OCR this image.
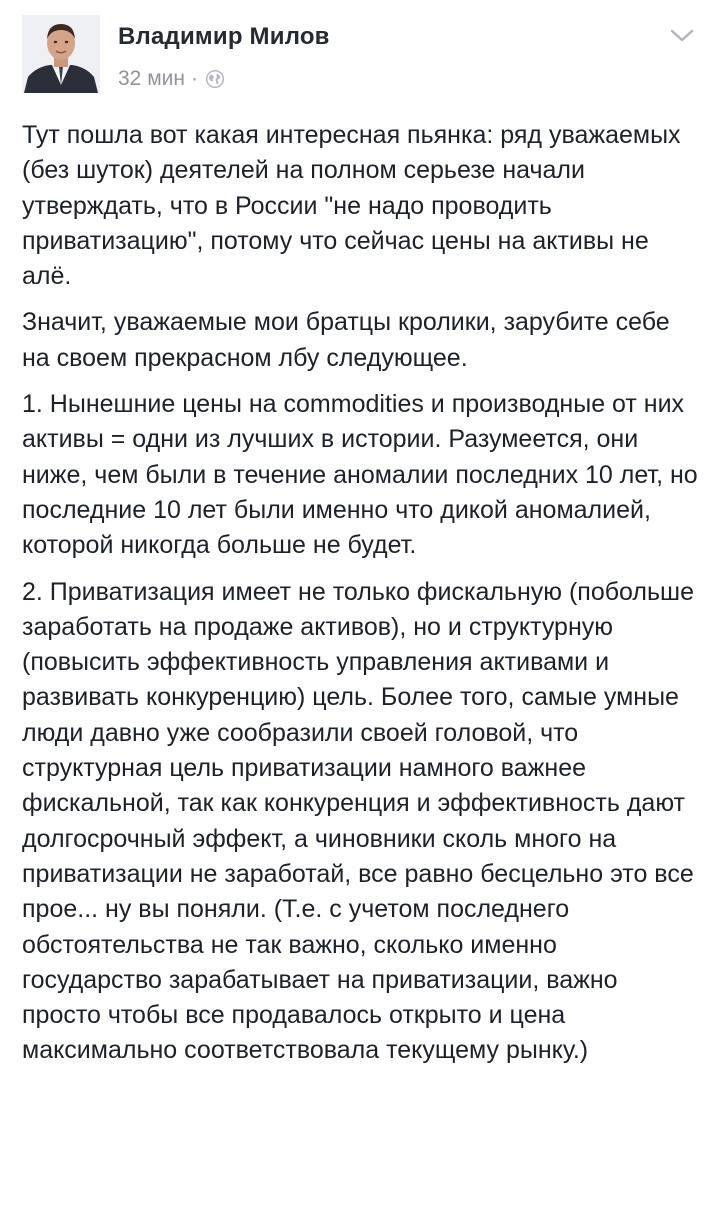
Владимир Милов
32 мин ·

Тут пошла вот какая интересная пьянка: ряд уважаемых (без шуток) деятелей на полном серьезе начали утверждать, что в России "не надо проводить приватизацию", потому что сейчас цены на активы не алё.

Значит, уважаемые мои братцы кролики, зарубите себе на своем прекрасном лбу следующее.

1. Нынешние цены на commodities и производные от них активы = одни из лучших в истории. Разумеется, они ниже, чем были в течение аномалии последних 10 лет, но последние 10 лет были именно что дикой аномалией, которой никогда больше не будет.

2. Приватизация имеет не только фискальную (побольше заработать на продаже активов), но и структурную (повысить эффективность управления активами и развивать конкуренцию) цель. Более того, самые умные люди давно уже сообразили своей головой, что структурная цель приватизации намного важнее фискальной, так как конкуренция и эффективность дают долгосрочный эффект, а чиновники сколь много на приватизации не заработай, все равно бесцельно это все прое... ну вы поняли. (Т.е. с учетом последнего обстоятельства не так важно, сколько именно государство зарабатывает на приватизации, важно просто чтобы все продавалось открыто и цена максимально соответствовала текущему рынку.)
